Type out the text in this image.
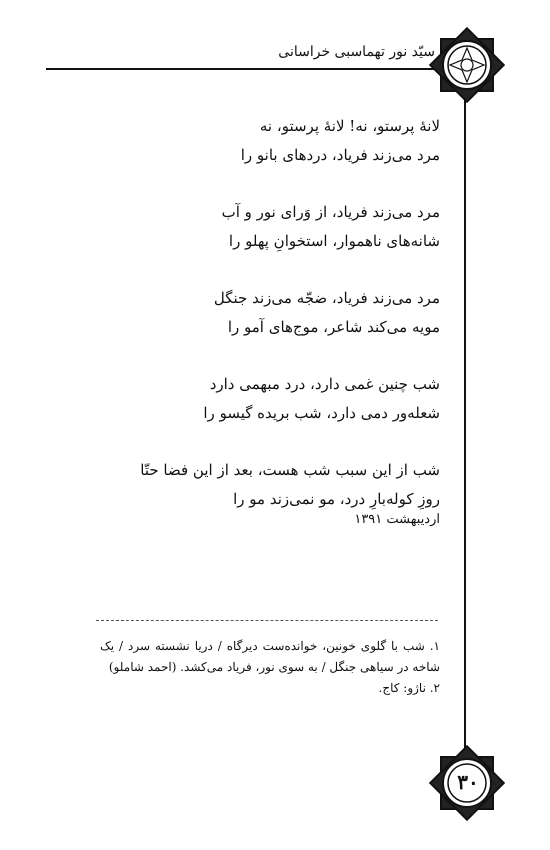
سیّد نور تهماسبی خراسانی
لانهٔ پرستو، نه! لانهٔ پرستو، نه
مرد می‌زند فریاد، دردهای بانو را
مرد می‌زند فریاد، از وَرای نور و آب
شانه‌های ناهموار، استخوانِ پهلو را
مرد می‌زند فریاد، ضجّه می‌زند جنگل
مویه می‌کند شاعر، موج‌های آمو را
شب چنین غمی دارد، درد مبهمی دارد
شعله‌ور دمی دارد، شب بریده گیسو را
شب از این سبب شب هست، بعد از این فضا حتّا
روزِ کوله‌بارِ درد، مو نمی‌زند مو را
اردیبهشت ۱۳۹۱
۱. شب با گلوی خونین، خوانده‌ست دیرگاه / دریا نشسته سرد / یک شاخه در سیاهی جنگل / به سوی نور، فریاد می‌کشد. (احمد شاملو)
۲. ناژو: کاج.
۳۰
